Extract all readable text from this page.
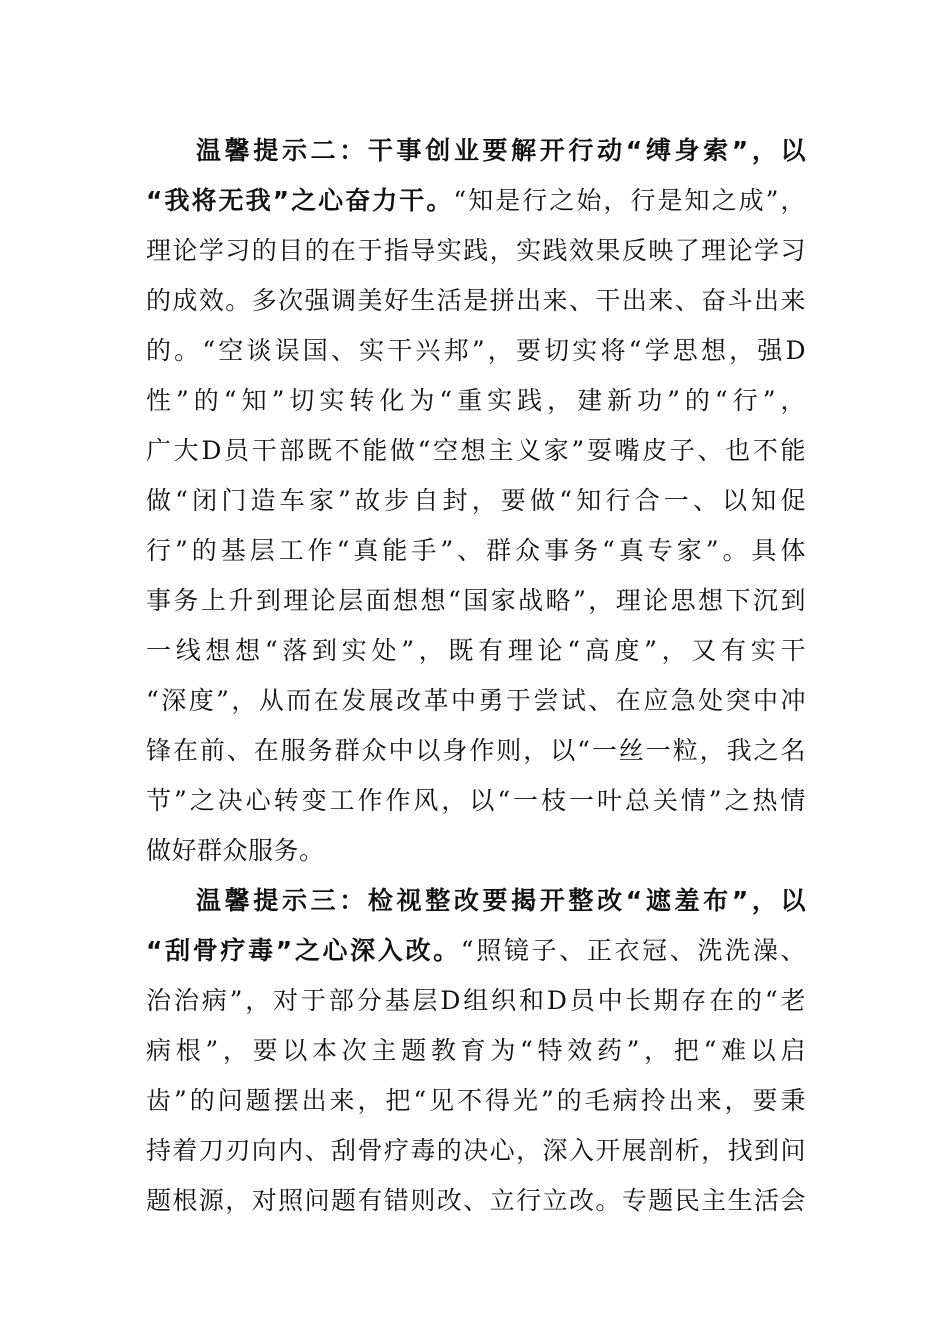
温馨提示二：干事创业要解开行动“缚身索”，以
“我将无我”之心奋力干。“知是行之始，行是知之成”，
理论学习的目的在于指导实践，实践效果反映了理论学习
的成效。多次强调美好生活是拼出来、干出来、奋斗出来
的。“空谈误国、实干兴邦”，要切实将“学思想，强D
性”的“知”切实转化为“重实践，建新功”的“行”，
广大D员干部既不能做“空想主义家”耍嘴皮子、也不能
做“闭门造车家”故步自封，要做“知行合一、以知促
行”的基层工作“真能手”、群众事务“真专家”。具体
事务上升到理论层面想想“国家战略”，理论思想下沉到
一线想想“落到实处”，既有理论“高度”，又有实干
“深度”，从而在发展改革中勇于尝试、在应急处突中冲
锋在前、在服务群众中以身作则，以“一丝一粒，我之名
节”之决心转变工作作风，以“一枝一叶总关情”之热情
做好群众服务。
温馨提示三：检视整改要揭开整改“遮羞布”，以
“刮骨疗毒”之心深入改。“照镜子、正衣冠、洗洗澡、
治治病”，对于部分基层D组织和D员中长期存在的“老
病根”，要以本次主题教育为“特效药”，把“难以启
齿”的问题摆出来，把“见不得光”的毛病拎出来，要秉
持着刀刃向内、刮骨疗毒的决心，深入开展剖析，找到问
题根源，对照问题有错则改、立行立改。专题民主生活会
